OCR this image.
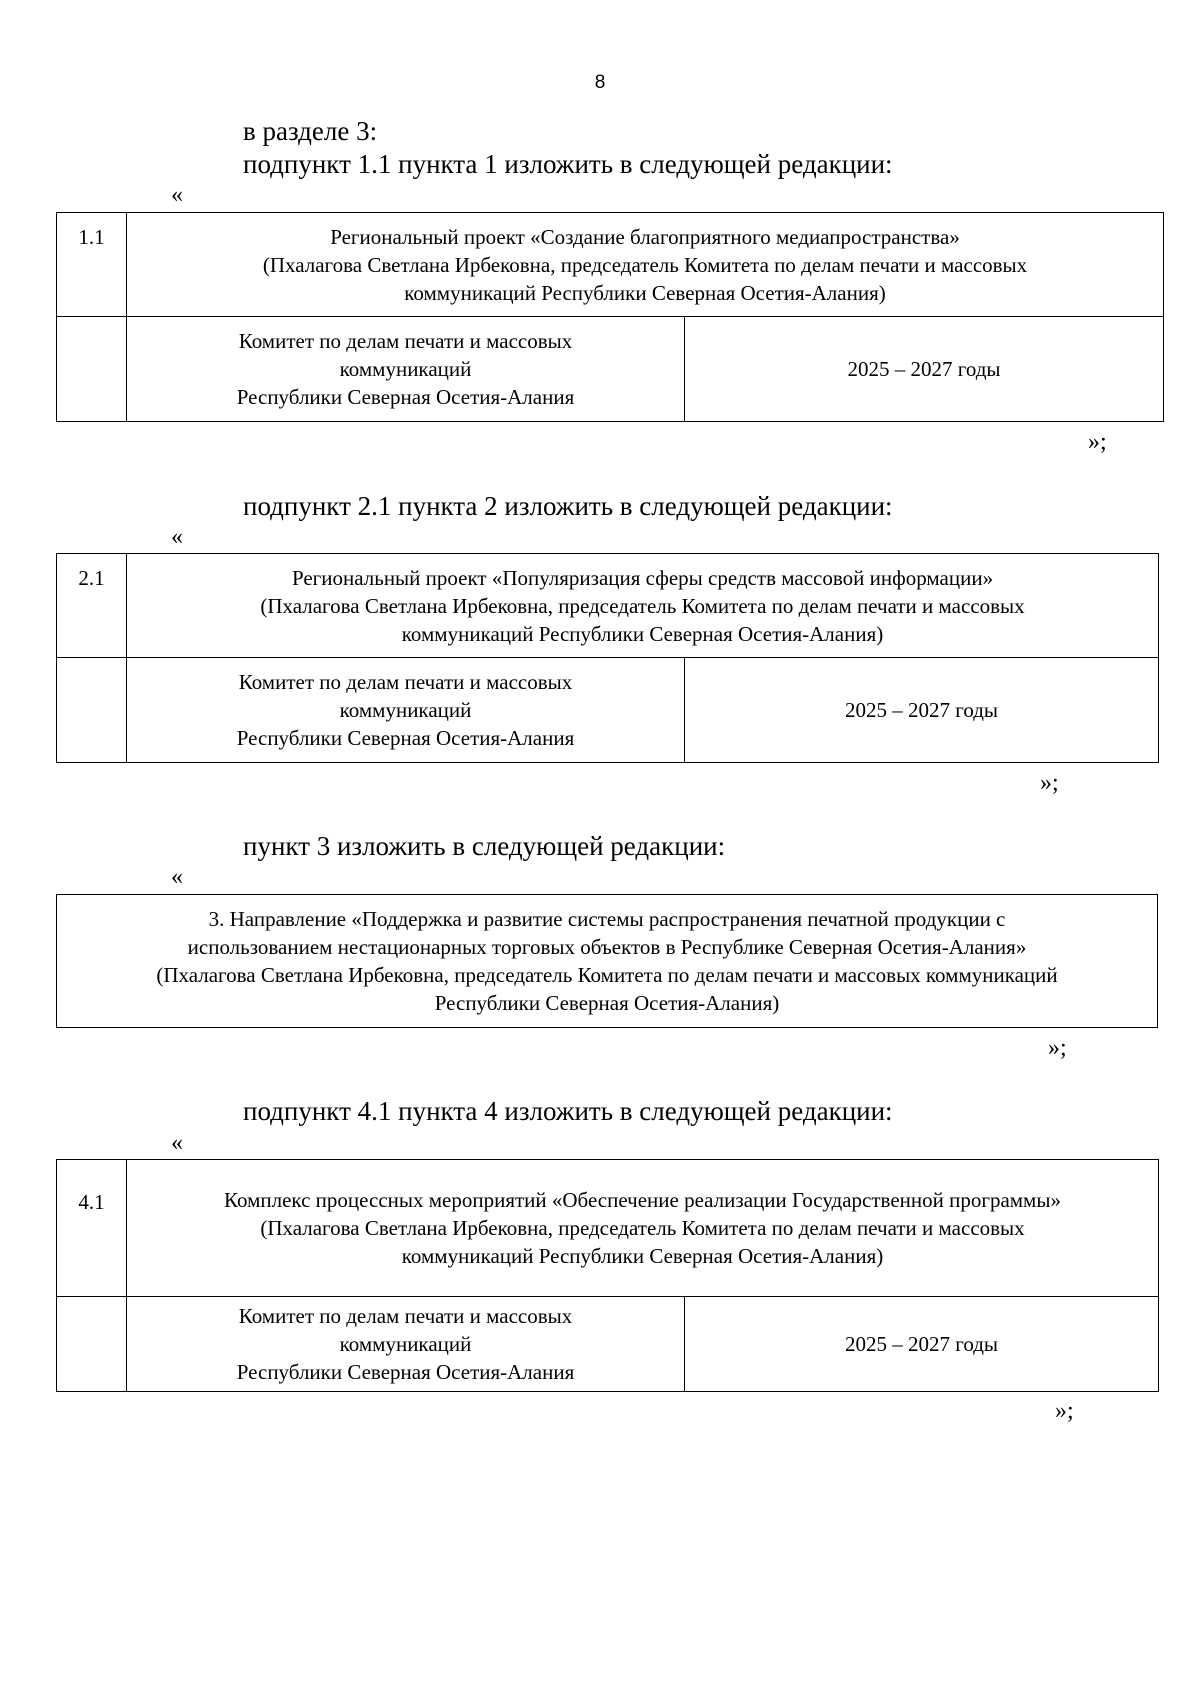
8
в разделе 3:
подпункт 1.1 пункта 1 изложить в следующей редакции:
«
1.1	Региональный проект «Создание благоприятного медиапространства»
(Пхалагова Светлана Ирбековна, председатель Комитета по делам печати и массовых
коммуникаций Республики Северная Осетия-Алания)	

	Комитет по делам печати и массовых
коммуникаций
Республики Северная Осетия-Алания	2025 – 2027 годы
»;
подпункт 2.1 пункта 2 изложить в следующей редакции:
«
2.1	Региональный проект «Популяризация сферы средств массовой информации»
(Пхалагова Светлана Ирбековна, председатель Комитета по делам печати и массовых
коммуникаций Республики Северная Осетия-Алания)	

	Комитет по делам печати и массовых
коммуникаций
Республики Северная Осетия-Алания	2025 – 2027 годы
»;
пункт 3 изложить в следующей редакции:
«
3. Направление «Поддержка и развитие системы распространения печатной продукции с
использованием нестационарных торговых объектов в Республике Северная Осетия-Алания»
(Пхалагова Светлана Ирбековна, председатель Комитета по делам печати и массовых коммуникаций
Республики Северная Осетия-Алания)
»;
подпункт 4.1 пункта 4 изложить в следующей редакции:
«
4.1	Комплекс процессных мероприятий «Обеспечение реализации Государственной программы»
(Пхалагова Светлана Ирбековна, председатель Комитета по делам печати и массовых
коммуникаций Республики Северная Осетия-Алания)	

	Комитет по делам печати и массовых
коммуникаций
Республики Северная Осетия-Алания	2025 – 2027 годы
»;
